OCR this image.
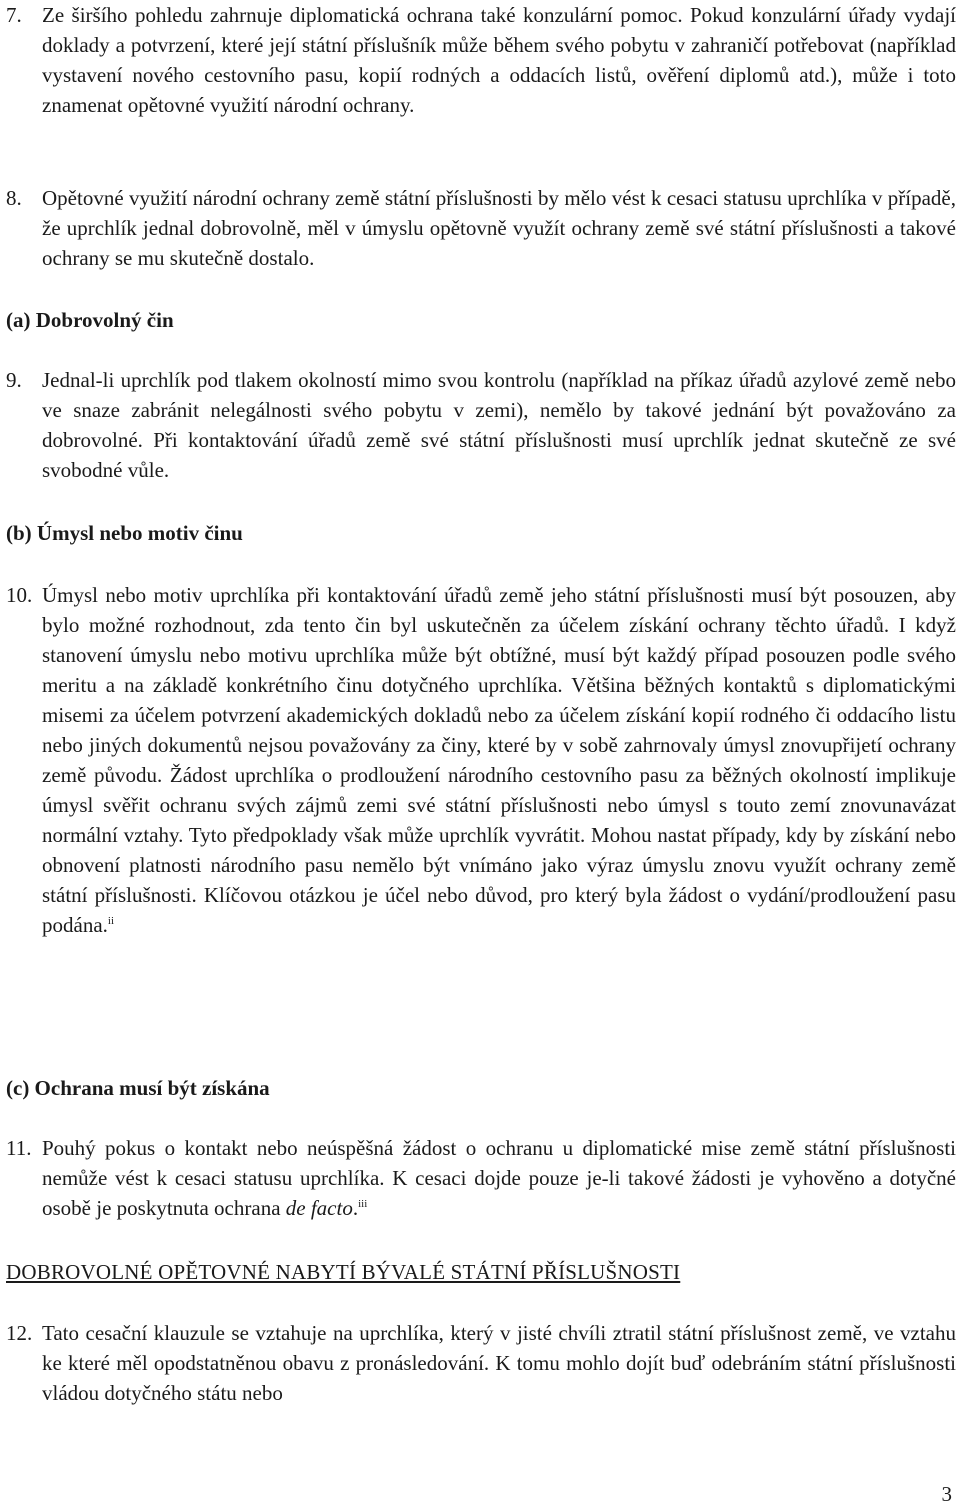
7. Ze širšího pohledu zahrnuje diplomatická ochrana také konzulární pomoc. Pokud konzulární úřady vydají doklady a potvrzení, které její státní příslušník může během svého pobytu v zahraničí potřebovat (například vystavení nového cestovního pasu, kopií rodných a oddacích listů, ověření diplomů atd.), může i toto znamenat opětovné využití národní ochrany.
8. Opětovné využití národní ochrany země státní příslušnosti by mělo vést k cesaci statusu uprchlíka v případě, že uprchlík jednal dobrovolně, měl v úmyslu opětovně využít ochrany země své státní příslušnosti a takové ochrany se mu skutečně dostalo.
(a) Dobrovolný čin
9. Jednal-li uprchlík pod tlakem okolností mimo svou kontrolu (například na příkaz úřadů azylové země nebo ve snaze zabránit nelegálnosti svého pobytu v zemi), nemělo by takové jednání být považováno za dobrovolné. Při kontaktování úřadů země své státní příslušnosti musí uprchlík jednat skutečně ze své svobodné vůle.
(b) Úmysl nebo motiv činu
10. Úmysl nebo motiv uprchlíka při kontaktování úřadů země jeho státní příslušnosti musí být posouzen, aby bylo možné rozhodnout, zda tento čin byl uskutečněn za účelem získání ochrany těchto úřadů. I když stanovení úmyslu nebo motivu uprchlíka může být obtížné, musí být každý případ posouzen podle svého meritu a na základě konkrétního činu dotyčného uprchlíka. Většina běžných kontaktů s diplomatickými misemi za účelem potvrzení akademických dokladů nebo za účelem získání kopií rodného či oddacího listu nebo jiných dokumentů nejsou považovány za činy, které by v sobě zahrnovaly úmysl znovupřijetí ochrany země původu. Žádost uprchlíka o prodloužení národního cestovního pasu za běžných okolností implikuje úmysl svěřit ochranu svých zájmů zemi své státní příslušnosti nebo úmysl s touto zemí znovunavázat normální vztahy. Tyto předpoklady však může uprchlík vyvrátit. Mohou nastat případy, kdy by získání nebo obnovení platnosti národního pasu nemělo být vnímáno jako výraz úmyslu znovu využít ochrany země státní příslušnosti. Klíčovou otázkou je účel nebo důvod, pro který byla žádost o vydání/prodloužení pasu podána.$^{ii}$
(c) Ochrana musí být získána
11. Pouhý pokus o kontakt nebo neúspěšná žádost o ochranu u diplomatické mise země státní příslušnosti nemůže vést k cesaci statusu uprchlíka. K cesaci dojde pouze je-li takové žádosti je vyhověno a dotyčné osobě je poskytnuta ochrana de facto.$^{iii}$
DOBROVOLNÉ OPĚTOVNÉ NABYTÍ BÝVALÉ STÁTNÍ PŘÍSLUŠNOSTI
12. Tato cesační klauzule se vztahuje na uprchlíka, který v jisté chvíli ztratil státní příslušnost země, ve vztahu ke které měl opodstatněnou obavu z pronásledování. K tomu mohlo dojít buď odebráním státní příslušnosti vládou dotyčného státu nebo
3
